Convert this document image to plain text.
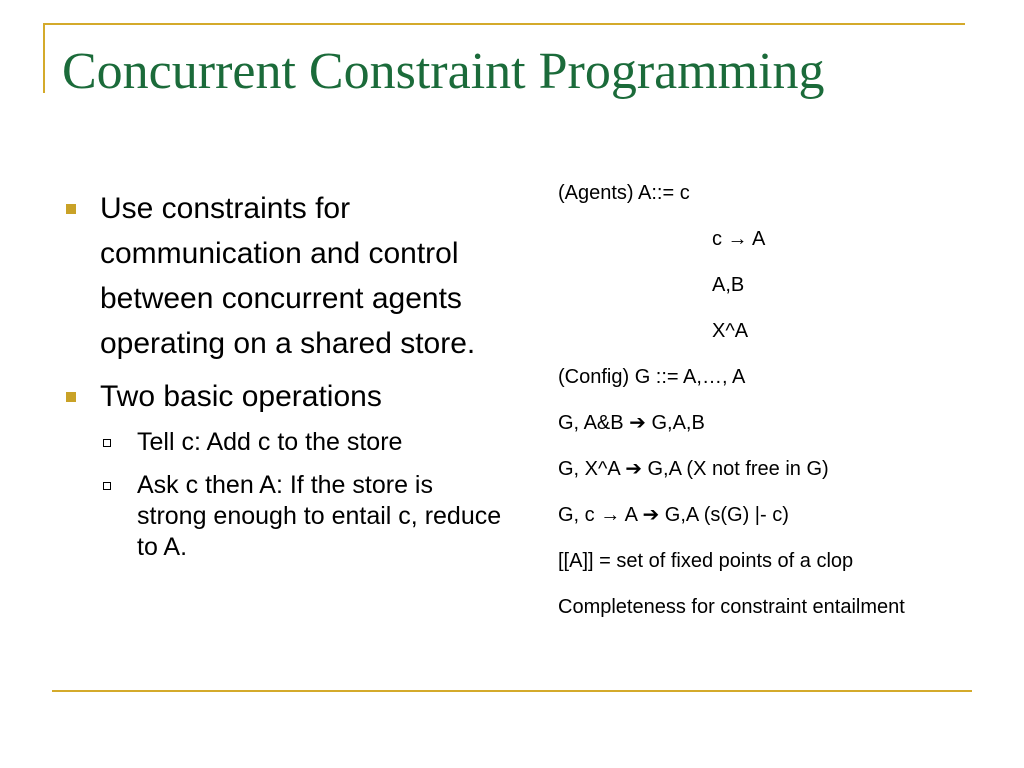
Concurrent Constraint Programming
Use constraints for communication and control between concurrent agents operating on a shared store.
Two basic operations
Tell c: Add c to the store
Ask c then A: If the store is strong enough to entail c, reduce to A.
(Agents) A::= c
c → A
A,B
X^A
(Config) G ::= A,…, A
G, A&B ➔ G,A,B
G, X^A ➔ G,A (X not free in G)
G, c → A ➔ G,A (s(G) |- c)
[[A]] = set of fixed points of a clop
Completeness for constraint entailment
